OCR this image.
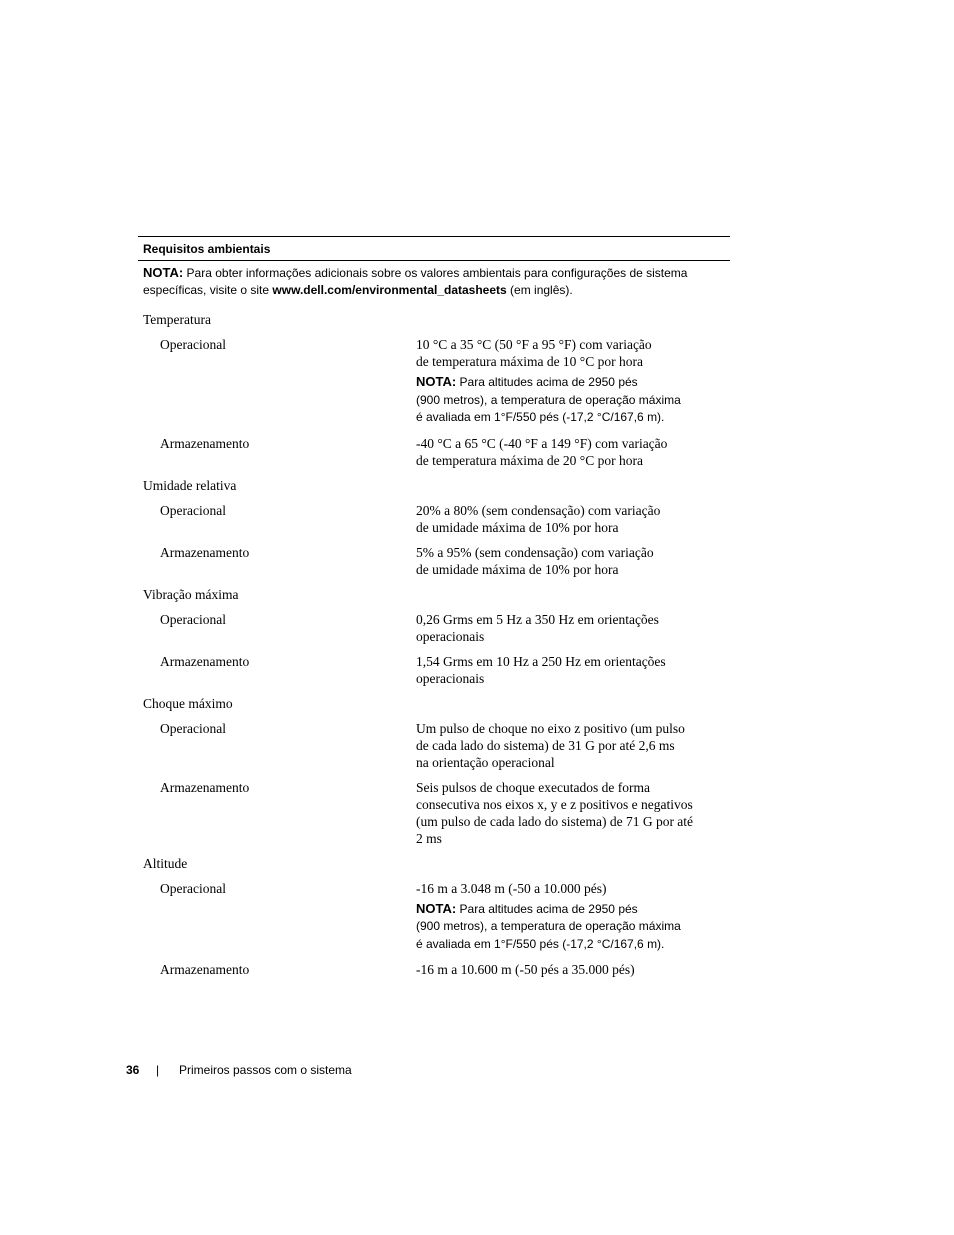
Requisitos ambientais
NOTA: Para obter informações adicionais sobre os valores ambientais para configurações de sistema específicas, visite o site www.dell.com/environmental_datasheets (em inglês).
Temperatura
Operacional	10 °C a 35 °C (50 °F a 95 °F) com variação
de temperatura máxima de 10 °C por hora
NOTA: Para altitudes acima de 2950 pés
(900 metros), a temperatura de operação máxima
é avaliada em 1°F/550 pés (-17,2 °C/167,6 m).
Armazenamento	-40 °C a 65 °C (-40 °F a 149 °F) com variação
de temperatura máxima de 20 °C por hora
Umidade relativa
Operacional	20% a 80% (sem condensação) com variação
de umidade máxima de 10% por hora
Armazenamento	5% a 95% (sem condensação) com variação
de umidade máxima de 10% por hora
Vibração máxima
Operacional	0,26 Grms em 5 Hz a 350 Hz em orientações
operacionais
Armazenamento	1,54 Grms em 10 Hz a 250 Hz em orientações
operacionais
Choque máximo
Operacional	Um pulso de choque no eixo z positivo (um pulso
de cada lado do sistema) de 31 G por até 2,6 ms
na orientação operacional
Armazenamento	Seis pulsos de choque executados de forma
consecutiva nos eixos x, y e z positivos e negativos
(um pulso de cada lado do sistema) de 71 G por até
2 ms
Altitude
Operacional	-16 m a 3.048 m (-50 a 10.000 pés)
NOTA: Para altitudes acima de 2950 pés
(900 metros), a temperatura de operação máxima
é avaliada em 1°F/550 pés (-17,2 °C/167,6 m).
Armazenamento	-16 m a 10.600 m (-50 pés a 35.000 pés)
36 | Primeiros passos com o sistema
